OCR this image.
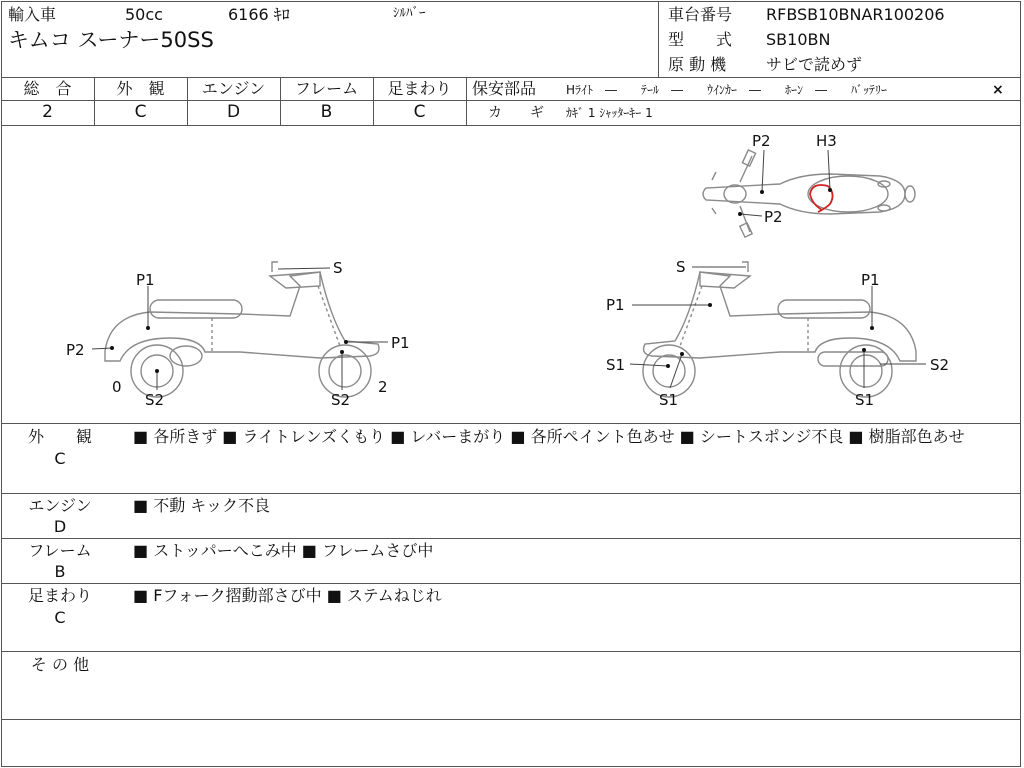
輸入車	50cc	6166 ｷﾛ	ｼﾙﾊﾞｰ
キムコ スーナー50SS
車台番号 RFBSB10BNAR100206
型　　式 SB10BN
原 動 機 サビで読めず
総　合	外　観	エンジン	フレーム	足まわり
2	C	D	B	C
保安部品 Hﾗｲﾄ　―　　ﾃｰﾙ　―　　ｳｲﾝｶｰ　―　　ﾎｰﾝ　―　　ﾊﾞｯﾃﾘｰ	×
カ　　ギ ｶｷﾞ 1 ｼｬｯﾀｰｷｰ 1
P2	H3
P2
S
P1
P2	P1
0
S2	S2
2
S
P1
P1
S1
S1	S1
S2
外　　観
C
■ 各所きず ■ ライトレンズくもり ■ レバーまがり ■ 各所ペイント色あせ ■ シートスポンジ不良 ■ 樹脂部色あせ
エンジン
D
■ 不動 キック不良
フレーム
B
■ ストッパーへこみ中 ■ フレームさび中
足まわり
C
■ Fフォーク摺動部さび中 ■ ステムねじれ
そ の 他
